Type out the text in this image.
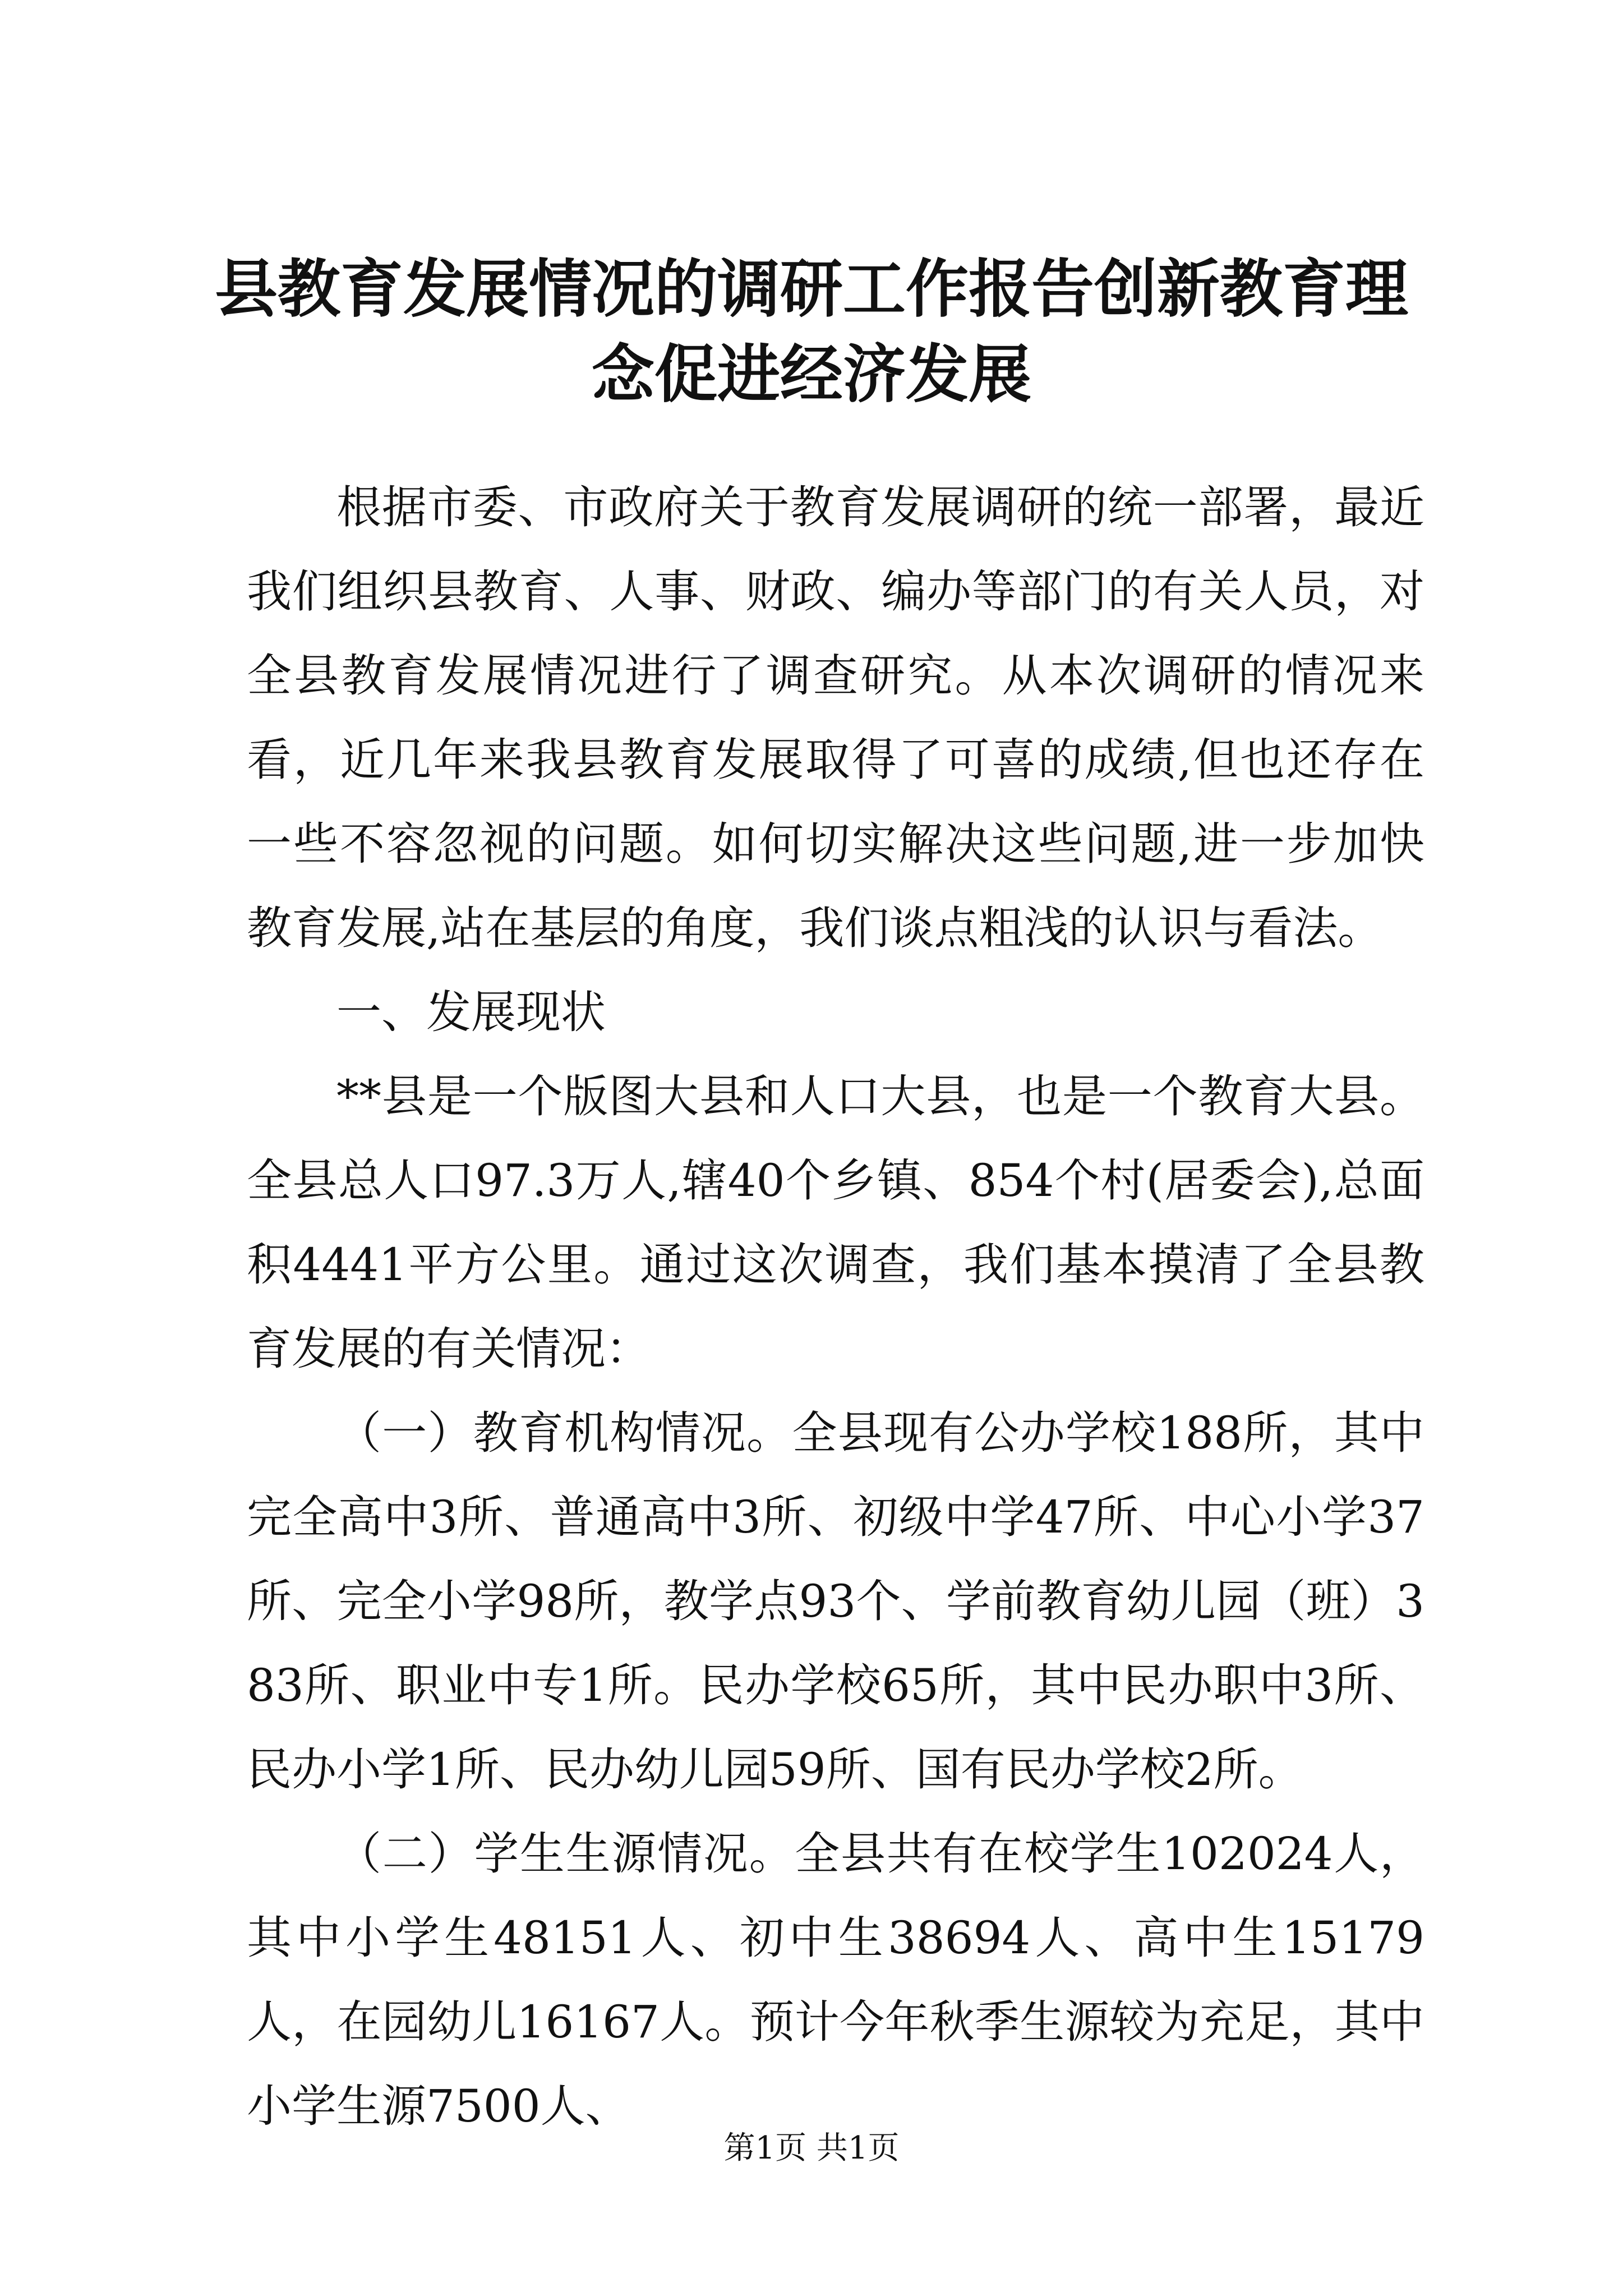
县教育发展情况的调研工作报告创新教育理念促进经济发展

根据市委、市政府关于教育发展调研的统一部署，最近我们组织县教育、人事、财政、编办等部门的有关人员，对全县教育发展情况进行了调查研究。从本次调研的情况来看，近几年来我县教育发展取得了可喜的成绩,但也还存在一些不容忽视的问题。如何切实解决这些问题,进一步加快教育发展,站在基层的角度，我们谈点粗浅的认识与看法。

一、发展现状

**县是一个版图大县和人口大县，也是一个教育大县。全县总人口97.3万人,辖40个乡镇、854个村(居委会),总面积4441平方公里。通过这次调查，我们基本摸清了全县教育发展的有关情况：

（一）教育机构情况。全县现有公办学校188所，其中完全高中3所、普通高中3所、初级中学47所、中心小学37所、完全小学98所，教学点93个、学前教育幼儿园（班）383所、职业中专1所。民办学校65所，其中民办职中3所、民办小学1所、民办幼儿园59所、国有民办学校2所。

（二）学生生源情况。全县共有在校学生102024人，其中小学生48151人、初中生38694人、高中生15179人，在园幼儿16167人。预计今年秋季生源较为充足，其中小学生源7500人、

第1页 共1页
